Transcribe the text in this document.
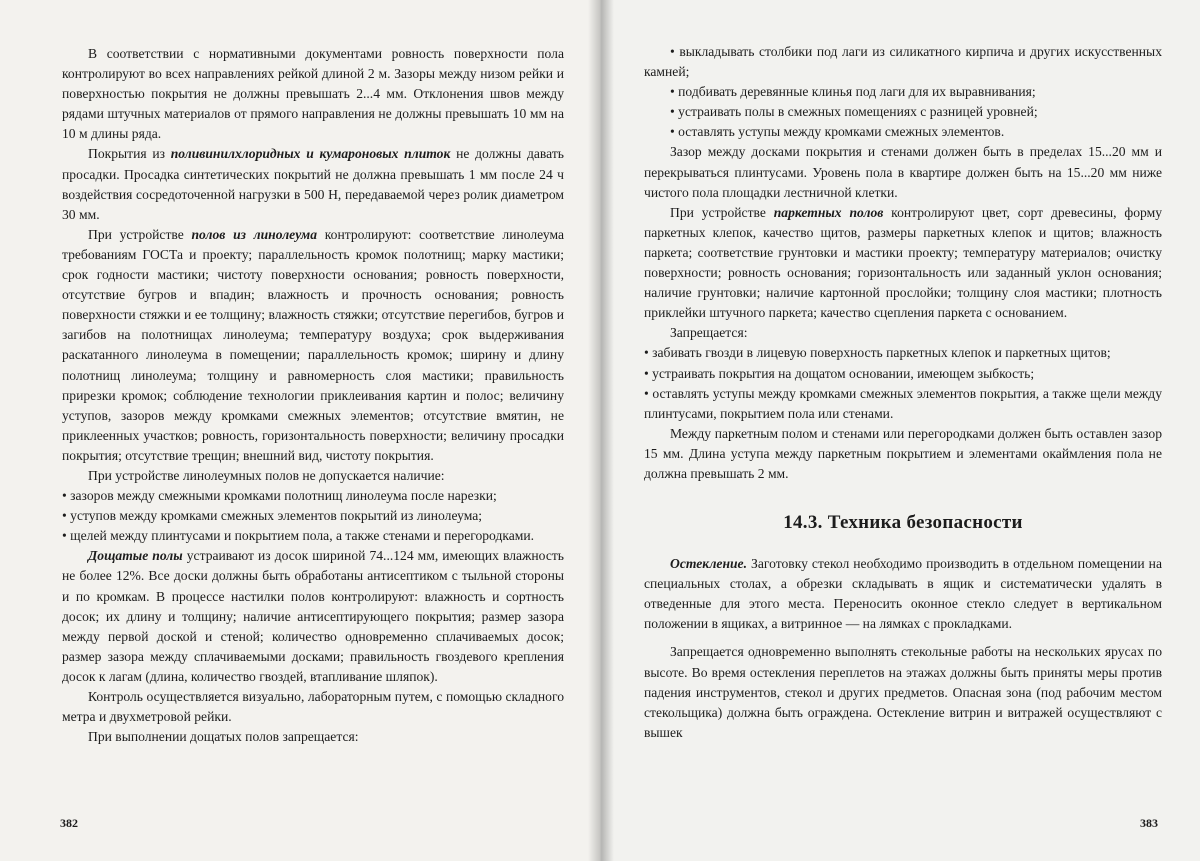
В соответствии с нормативными документами ровность поверхности пола контролируют во всех направлениях рейкой длиной 2 м. Зазоры между низом рейки и поверхностью покрытия не должны превышать 2...4 мм. Отклонения швов между рядами штучных материалов от прямого направления не должны превышать 10 мм на 10 м длины ряда.

Покрытия из поливинилхлоридных и кумароновых плиток не должны давать просадки. Просадка синтетических покрытий не должна превышать 1 мм после 24 ч воздействия сосредоточенной нагрузки в 500 Н, передаваемой через ролик диаметром 30 мм.

При устройстве полов из линолеума контролируют: соответствие линолеума требованиям ГОСТа и проекту; параллельность кромок полотнищ; марку мастики; срок годности мастики; чистоту поверхности основания; ровность поверхности, отсутствие бугров и впадин; влажность и прочность основания; ровность поверхности стяжки и ее толщину; влажность стяжки; отсутствие перегибов, бугров и загибов на полотнищах линолеума; температуру воздуха; срок выдерживания раскатанного линолеума в помещении; параллельность кромок; ширину и длину полотнищ линолеума; толщину и равномерность слоя мастики; правильность прирезки кромок; соблюдение технологии приклеивания картин и полос; величину уступов, зазоров между кромками смежных элементов; отсутствие вмятин, не приклеенных участков; ровность, горизонтальность поверхности; величину просадки покрытия; отсутствие трещин; внешний вид, чистоту покрытия.

При устройстве линолеумных полов не допускается наличие:

• зазоров между смежными кромками полотнищ линолеума после нарезки;

• уступов между кромками смежных элементов покрытий из линолеума;

• щелей между плинтусами и покрытием пола, а также стенами и перегородками.

Дощатые полы устраивают из досок шириной 74...124 мм, имеющих влажность не более 12%. Все доски должны быть обработаны антисептиком с тыльной стороны и по кромкам. В процессе настилки полов контролируют: влажность и сортность досок; их длину и толщину; наличие антисептирующего покрытия; размер зазора между первой доской и стеной; количество одновременно сплачиваемых досок; размер зазора между сплачиваемыми досками; правильность гвоздевого крепления досок к лагам (длина, количество гвоздей, втапливание шляпок).

Контроль осуществляется визуально, лабораторным путем, с помощью складного метра и двухметровой рейки.

При выполнении дощатых полов запрещается:

382

• выкладывать столбики под лаги из силикатного кирпича и других искусственных камней;

• подбивать деревянные клинья под лаги для их выравнивания;

• устраивать полы в смежных помещениях с разницей уровней;

• оставлять уступы между кромками смежных элементов.

Зазор между досками покрытия и стенами должен быть в пределах 15...20 мм и перекрываться плинтусами. Уровень пола в квартире должен быть на 15...20 мм ниже чистого пола площадки лестничной клетки.

При устройстве паркетных полов контролируют цвет, сорт древесины, форму паркетных клепок, качество щитов, размеры паркетных клепок и щитов; влажность паркета; соответствие грунтовки и мастики проекту; температуру материалов; очистку поверхности; ровность основания; горизонтальность или заданный уклон основания; наличие грунтовки; наличие картонной прослойки; толщину слоя мастики; плотность приклейки штучного паркета; качество сцепления паркета с основанием.

Запрещается:

• забивать гвозди в лицевую поверхность паркетных клепок и паркетных щитов;

• устраивать покрытия на дощатом основании, имеющем зыбкость;

• оставлять уступы между кромками смежных элементов покрытия, а также щели между плинтусами, покрытием пола или стенами.

Между паркетным полом и стенами или перегородками должен быть оставлен зазор 15 мм. Длина уступа между паркетным покрытием и элементами окаймления пола не должна превышать 2 мм.

14.3. Техника безопасности

Остекление. Заготовку стекол необходимо производить в отдельном помещении на специальных столах, а обрезки складывать в ящик и систематически удалять в отведенные для этого места. Переносить оконное стекло следует в вертикальном положении в ящиках, а витринное — на лямках с прокладками.

Запрещается одновременно выполнять стекольные работы на нескольких ярусах по высоте. Во время остекления переплетов на этажах должны быть приняты меры против падения инструментов, стекол и других предметов. Опасная зона (под рабочим местом стекольщика) должна быть ограждена. Остекление витрин и витражей осуществляют с вышек

383
